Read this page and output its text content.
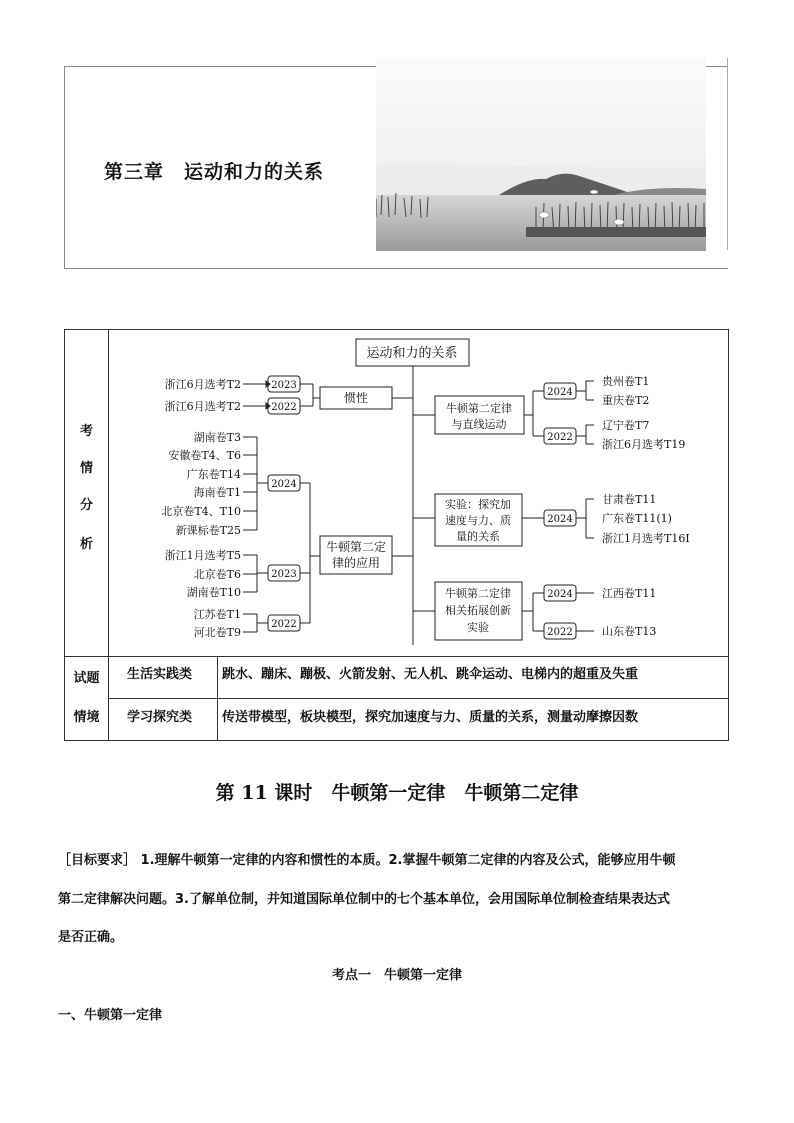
第三章　运动和力的关系
考
情
分
析
试题
情境
生活实践类 跳水、蹦床、蹦极、火箭发射、无人机、跳伞运动、电梯内的超重及失重
学习探究类 传送带模型，板块模型，探究加速度与力、质量的关系，测量动摩擦因数
运动和力的关系
惯性
2023
2022
浙江6月选考T2
浙江6月选考T2
牛顿第二定
律的应用
2024
2023
2022
湖南卷T3
安徽卷T4、T6
广东卷T14
海南卷T1
北京卷T4、T10
新课标卷T25
浙江1月选考T5
北京卷T6
湖南卷T10
江苏卷T1
河北卷T9
牛顿第二定律
与直线运动
2024
2022
贵州卷T1
重庆卷T2
辽宁卷T7
浙江6月选考T19
实验：探究加
速度与力、质
量的关系
2024
甘肃卷T11
广东卷T11(1)
浙江1月选考T16Ⅰ
牛顿第二定律
相关拓展创新
实验
2024
2022
江西卷T11
山东卷T13
第 11 课时　牛顿第一定律　牛顿第二定律
［目标要求］ 1.理解牛顿第一定律的内容和惯性的本质。2.掌握牛顿第二定律的内容及公式，能够应用牛顿
第二定律解决问题。3.了解单位制，并知道国际单位制中的七个基本单位，会用国际单位制检查结果表达式
是否正确。
考点一　牛顿第一定律
一、牛顿第一定律
